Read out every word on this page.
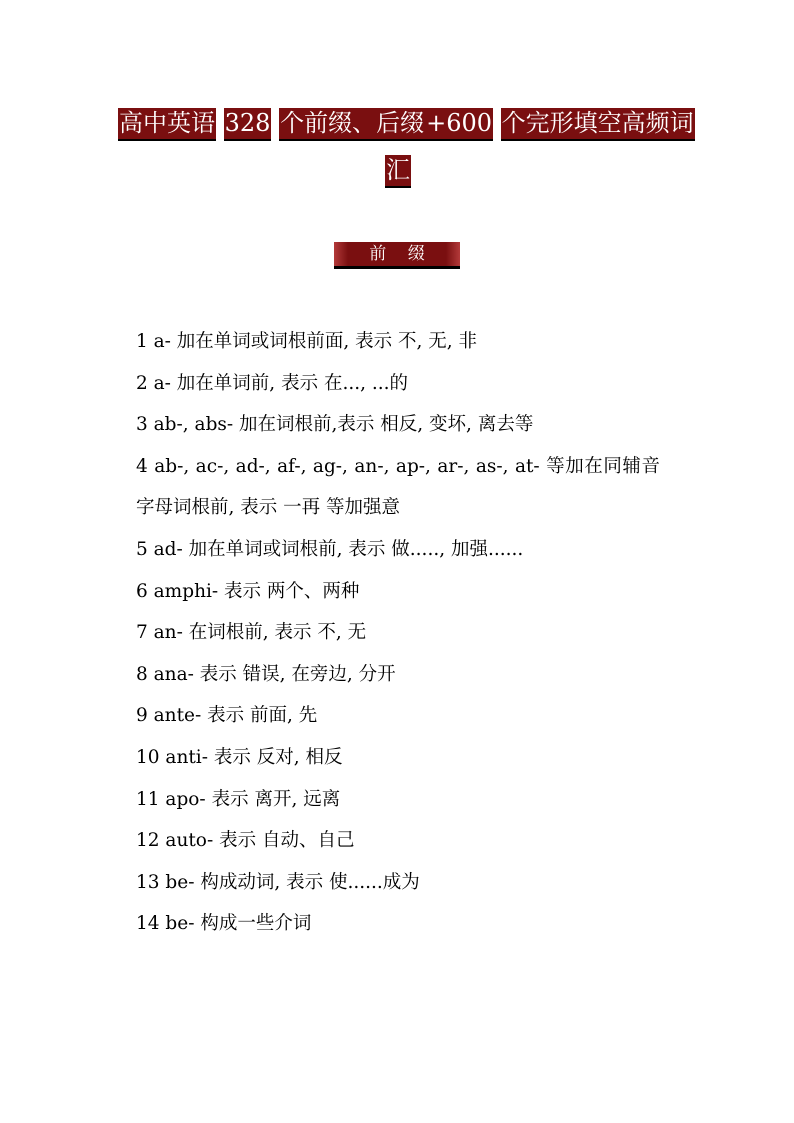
高中英语 328 个前缀、后缀+600 个完形填空高频词
汇
前 缀
1 a- 加在单词或词根前面, 表示 不, 无, 非
2 a- 加在单词前, 表示 在..., ...的
3 ab-, abs- 加在词根前,表示 相反, 变坏, 离去等
4 ab-, ac-, ad-, af-, ag-, an-, ap-, ar-, as-, at- 等加在同辅音字母词根前, 表示 一再 等加强意
5 ad- 加在单词或词根前, 表示 做....., 加强......
6 amphi- 表示 两个、两种
7 an- 在词根前, 表示 不, 无
8 ana- 表示 错误, 在旁边, 分开
9 ante- 表示 前面, 先
10 anti- 表示 反对, 相反
11 apo- 表示 离开, 远离
12 auto- 表示 自动、自己
13 be- 构成动词, 表示 使......成为
14 be- 构成一些介词
